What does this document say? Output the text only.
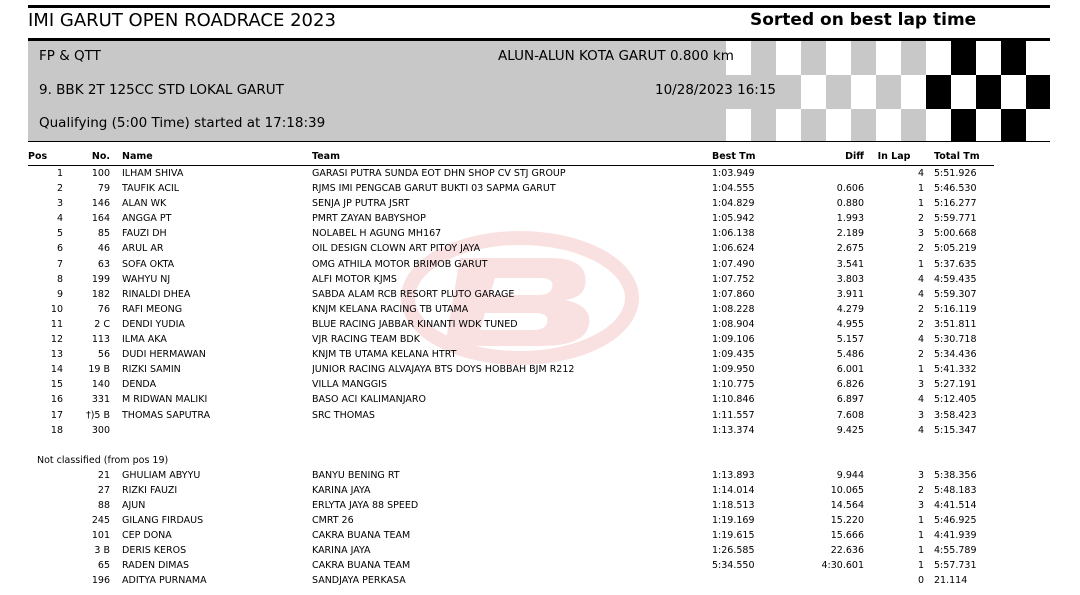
IMI GARUT OPEN ROADRACE 2023	Sorted on best lap time
FP & QTT	ALUN-ALUN KOTA GARUT 0.800 km
9. BBK 2T 125CC STD LOKAL GARUT	10/28/2023 16:15
Qualifying (5:00 Time) started at 17:18:39
Pos	No.		Name	Team	Best Tm	Diff	In Lap		Total Tm
1	100		ILHAM SHIVA	GARASI PUTRA SUNDA EOT DHN SHOP CV STJ GROUP	1:03.949		4		5:51.926
2	79		TAUFIK ACIL	RJMS IMI PENGCAB GARUT BUKTI 03 SAPMA GARUT	1:04.555	0.606	1		5:46.530
3	146		ALAN WK	SENJA JP PUTRA JSRT	1:04.829	0.880	1		5:16.277
4	164		ANGGA PT	PMRT ZAYAN BABYSHOP	1:05.942	1.993	2		5:59.771
5	85		FAUZI DH	NOLABEL H AGUNG MH167	1:06.138	2.189	3		5:00.668
6	46		ARUL AR	OIL DESIGN CLOWN ART PITOY JAYA	1:06.624	2.675	2		5:05.219
7	63		SOFA OKTA	OMG ATHILA MOTOR BRIMOB GARUT	1:07.490	3.541	1		5:37.635
8	199		WAHYU NJ	ALFI MOTOR KJMS	1:07.752	3.803	4		4:59.435
9	182		RINALDI DHEA	SABDA ALAM RCB RESORT PLUTO GARAGE	1:07.860	3.911	4		5:59.307
10	76		RAFI MEONG	KNJM KELANA RACING TB UTAMA	1:08.228	4.279	2		5:16.119
11	2 C		DENDI YUDIA	BLUE RACING JABBAR KINANTI WDK TUNED	1:08.904	4.955	2		3:51.811
12	113		ILMA AKA	VJR RACING TEAM BDK	1:09.106	5.157	4		5:30.718
13	56		DUDI HERMAWAN	KNJM TB UTAMA KELANA HTRT	1:09.435	5.486	2		5:34.436
14	19 B		RIZKI SAMIN	JUNIOR RACING ALVAJAYA BTS DOYS HOBBAH BJM R212	1:09.950	6.001	1		5:41.332
15	140		DENDA	VILLA MANGGIS	1:10.775	6.826	3		5:27.191
16	331		M RIDWAN MALIKI	BASO ACI KALIMANJARO	1:10.846	6.897	4		5:12.405
17	†)5 B		THOMAS SAPUTRA	SRC THOMAS	1:11.557	7.608	3		3:58.423
18	300				1:13.374	9.425	4		5:15.347

Not classified (from pos 19)									
	21		GHULIAM ABYYU	BANYU BENING RT	1:13.893	9.944	3		5:38.356
	27		RIZKI FAUZI	KARINA JAYA	1:14.014	10.065	2		5:48.183
	88		AJUN	ERLYTA JAYA 88 SPEED	1:18.513	14.564	3		4:41.514
	245		GILANG FIRDAUS	CMRT 26	1:19.169	15.220	1		5:46.925
	101		CEP DONA	CAKRA BUANA TEAM	1:19.615	15.666	1		4:41.939
	3 B		DERIS KEROS	KARINA JAYA	1:26.585	22.636	1		4:55.789
	65		RADEN DIMAS	CAKRA BUANA TEAM	5:34.550	4:30.601	1		5:57.731
	196		ADITYA PURNAMA	SANDJAYA PERKASA			0		21.114
